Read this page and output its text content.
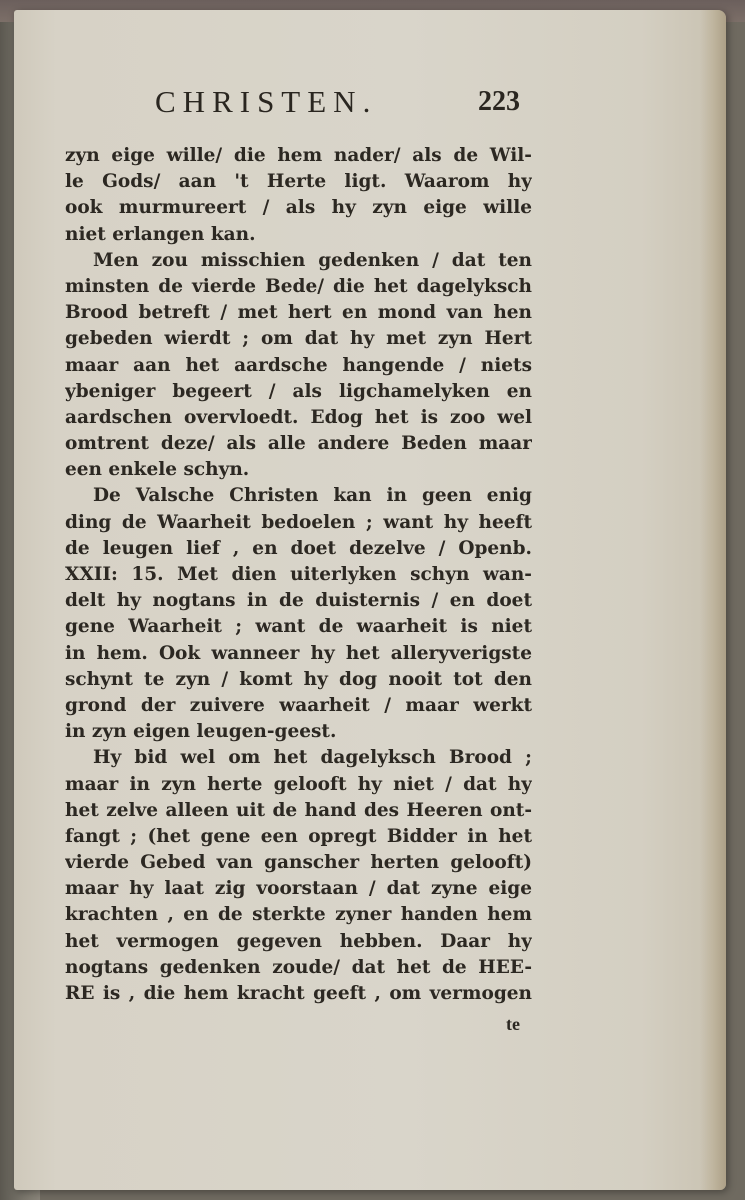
CHRISTEN.	223
zyn eige wille/ die hem nader/ als de Wil-
le Gods/ aan 't Herte ligt. Waarom hy
ook murmureert / als hy zyn eige wille
niet erlangen kan.
Men zou misschien gedenken / dat ten
minsten de vierde Bede/ die het dagelyksch
Brood betreft / met hert en mond van hen
gebeden wierdt ; om dat hy met zyn Hert
maar aan het aardsche hangende / niets
ybeniger begeert / als ligchamelyken en
aardschen overvloedt. Edog het is zoo wel
omtrent deze/ als alle andere Beden maar
een enkele schyn.
De Valsche Christen kan in geen enig
ding de Waarheit bedoelen ; want hy heeft
de leugen lief , en doet dezelve / Openb.
XXII: 15. Met dien uiterlyken schyn wan-
delt hy nogtans in de duisternis / en doet
gene Waarheit ; want de waarheit is niet
in hem. Ook wanneer hy het alleryverigste
schynt te zyn / komt hy dog nooit tot den
grond der zuivere waarheit / maar werkt
in zyn eigen leugen-geest.
Hy bid wel om het dagelyksch Brood ;
maar in zyn herte gelooft hy niet / dat hy
het zelve alleen uit de hand des Heeren ont-
fangt ; (het gene een opregt Bidder in het
vierde Gebed van ganscher herten gelooft)
maar hy laat zig voorstaan / dat zyne eige
krachten , en de sterkte zyner handen hem
het vermogen gegeven hebben. Daar hy
nogtans gedenken zoude/ dat het de HEE-
RE is , die hem kracht geeft , om vermogen
te
